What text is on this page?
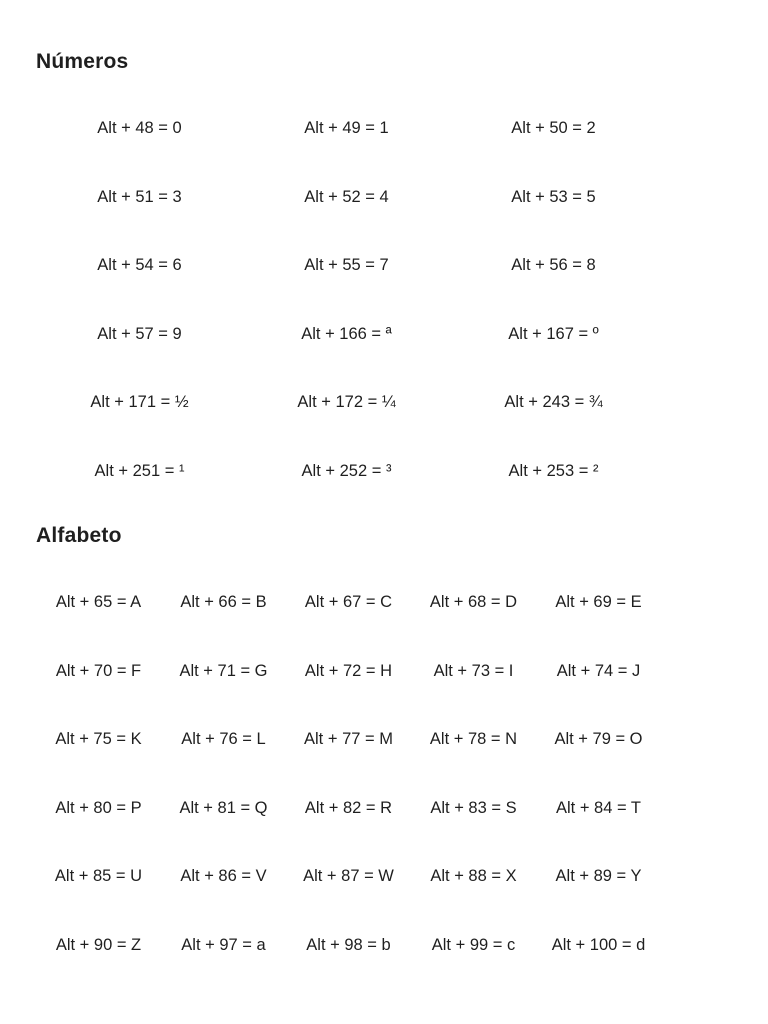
Números
Alt + 48 = 0	Alt + 49 = 1	Alt + 50 = 2
Alt + 51 = 3	Alt + 52 = 4	Alt + 53 = 5
Alt + 54 = 6	Alt + 55 = 7	Alt + 56 = 8
Alt + 57 = 9	Alt + 166 = ª	Alt + 167 = º
Alt + 171 = ½	Alt + 172 = ¼	Alt + 243 = ¾
Alt + 251 = ¹	Alt + 252 = ³	Alt + 253 = ²
Alfabeto
Alt + 65 = A	Alt + 66 = B	Alt + 67 = C	Alt + 68 = D	Alt + 69 = E
Alt + 70 = F	Alt + 71 = G	Alt + 72 = H	Alt + 73 = I	Alt + 74 = J
Alt + 75 = K	Alt + 76 = L	Alt + 77 = M	Alt + 78 = N	Alt + 79 = O
Alt + 80 = P	Alt + 81 = Q	Alt + 82 = R	Alt + 83 = S	Alt + 84 = T
Alt + 85 = U	Alt + 86 = V	Alt + 87 = W	Alt + 88 = X	Alt + 89 = Y
Alt + 90 = Z	Alt + 97 = a	Alt + 98 = b	Alt + 99 = c	Alt + 100 = d
